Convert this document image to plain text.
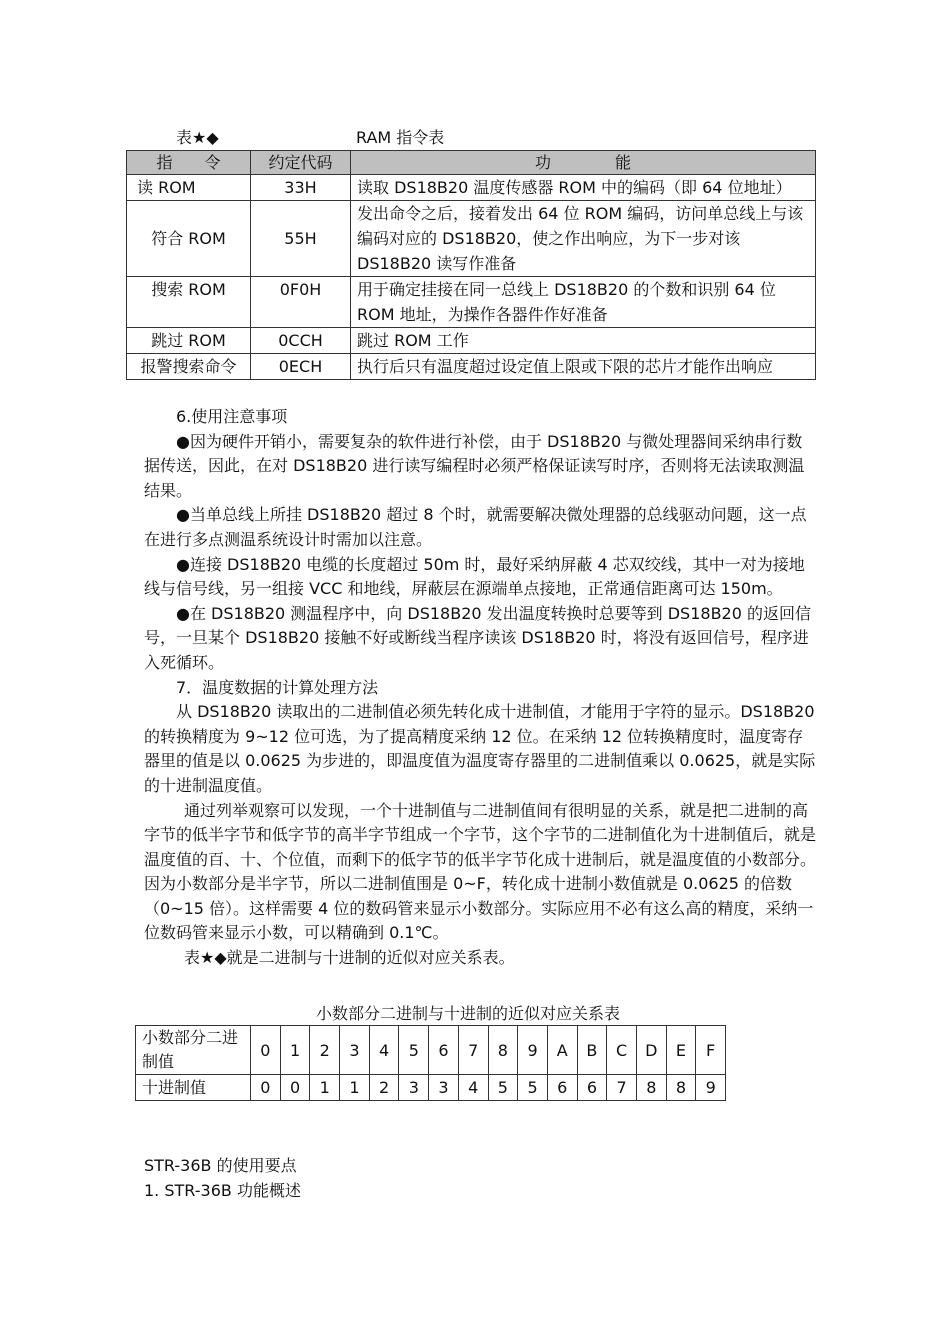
表★◆	RAM 指令表
指　　令	约定代码	功　　　　能
读 ROM	33H	读取 DS18B20 温度传感器 ROM 中的编码（即 64 位地址）
符合 ROM	55H	发出命令之后，接着发出 64 位 ROM 编码，访问单总线上与该编码对应的 DS18B20，使之作出响应，为下一步对该 DS18B20 读写作准备
搜索 ROM	0F0H	用于确定挂接在同一总线上 DS18B20 的个数和识别 64 位 ROM 地址，为操作各器件作好准备
跳过 ROM	0CCH	跳过 ROM 工作
报警搜索命令	0ECH	执行后只有温度超过设定值上限或下限的芯片才能作出响应

6.使用注意事项

●因为硬件开销小，需要复杂的软件进行补偿，由于 DS18B20 与微处理器间采纳串行数据传送，因此，在对 DS18B20 进行读写编程时必须严格保证读写时序，否则将无法读取测温结果。

●当单总线上所挂 DS18B20 超过 8 个时，就需要解决微处理器的总线驱动问题，这一点在进行多点测温系统设计时需加以注意。

●连接 DS18B20 电缆的长度超过 50m 时，最好采纳屏蔽 4 芯双绞线，其中一对为接地线与信号线，另一组接 VCC 和地线，屏蔽层在源端单点接地，正常通信距离可达 150m。

●在 DS18B20 测温程序中，向 DS18B20 发出温度转换时总要等到 DS18B20 的返回信号，一旦某个 DS18B20 接触不好或断线当程序读该 DS18B20 时，将没有返回信号，程序进入死循环。

7．温度数据的计算处理方法

从 DS18B20 读取出的二进制值必须先转化成十进制值，才能用于字符的显示。DS18B20 的转换精度为 9~12 位可选，为了提高精度采纳 12 位。在采纳 12 位转换精度时，温度寄存器里的值是以 0.0625 为步进的，即温度值为温度寄存器里的二进制值乘以 0.0625，就是实际的十进制温度值。

通过列举观察可以发现，一个十进制值与二进制值间有很明显的关系，就是把二进制的高字节的低半字节和低字节的高半字节组成一个字节，这个字节的二进制值化为十进制值后，就是温度值的百、十、个位值，而剩下的低字节的低半字节化成十进制后，就是温度值的小数部分。因为小数部分是半字节，所以二进制值围是 0~F，转化成十进制小数值就是 0.0625 的倍数（0~15 倍）。这样需要 4 位的数码管来显示小数部分。实际应用不必有这么高的精度，采纳一位数码管来显示小数，可以精确到 0.1℃。

表★◆就是二进制与十进制的近似对应关系表。

小数部分二进制与十进制的近似对应关系表
小数部分二进制值	0	1	2	3	4	5	6	7	8	9	A	B	C	D	E	F
十进制值	0	0	1	1	2	3	3	4	5	5	6	6	7	8	8	9
STR-36B 的使用要点
1. STR-36B 功能概述
